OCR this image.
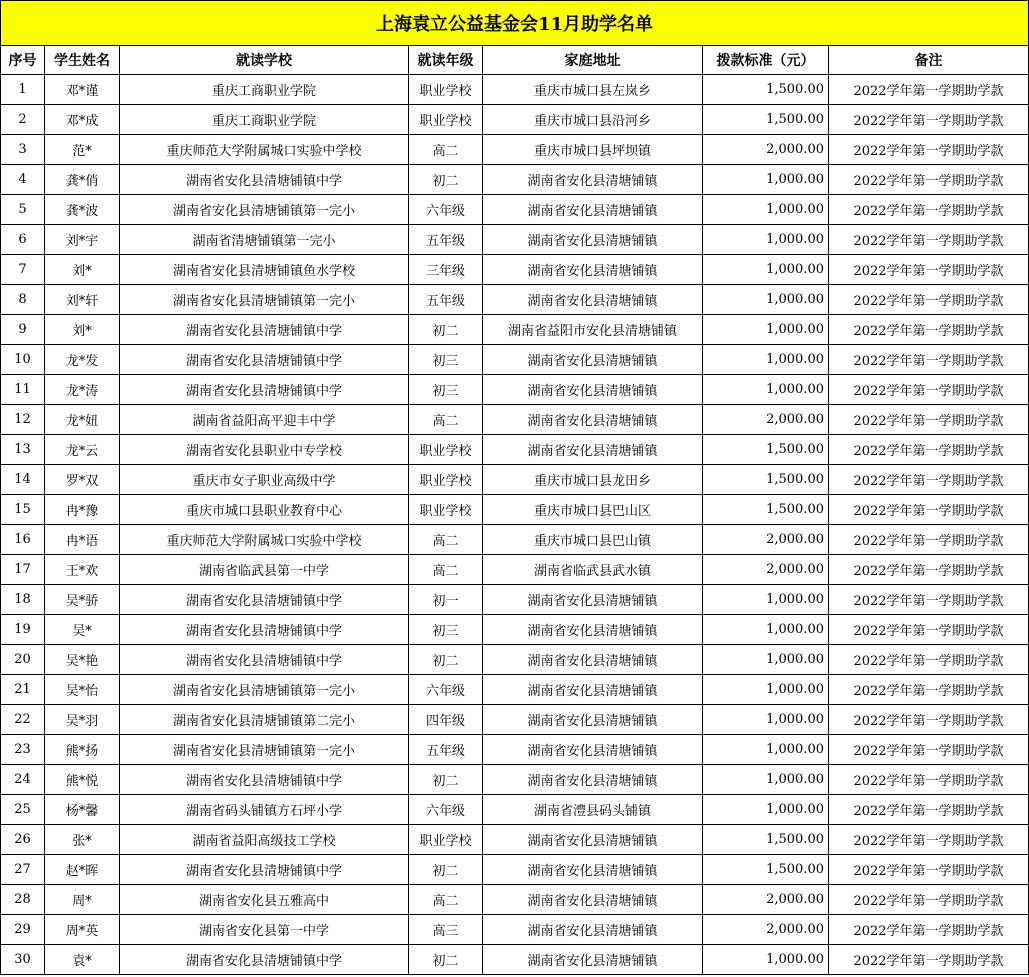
上海袁立公益基金会11月助学名单						
序号	学生姓名	就读学校	就读年级	家庭地址	拨款标准（元）	备注
1	邓*谨	重庆工商职业学院	职业学校	重庆市城口县左岚乡	1,500.00	2022学年第一学期助学款
2	邓*成	重庆工商职业学院	职业学校	重庆市城口县沿河乡	1,500.00	2022学年第一学期助学款
3	范*	重庆师范大学附属城口实验中学校	高二	重庆市城口县坪坝镇	2,000.00	2022学年第一学期助学款
4	龚*俏	湖南省安化县清塘铺镇中学	初二	湖南省安化县清塘铺镇	1,000.00	2022学年第一学期助学款
5	龚*波	湖南省安化县清塘铺镇第一完小	六年级	湖南省安化县清塘铺镇	1,000.00	2022学年第一学期助学款
6	刘*宇	湖南省清塘铺镇第一完小	五年级	湖南省安化县清塘铺镇	1,000.00	2022学年第一学期助学款
7	刘*	湖南省安化县清塘铺镇鱼水学校	三年级	湖南省安化县清塘铺镇	1,000.00	2022学年第一学期助学款
8	刘*轩	湖南省安化县清塘铺镇第一完小	五年级	湖南省安化县清塘铺镇	1,000.00	2022学年第一学期助学款
9	刘*	湖南省安化县清塘铺镇中学	初二	湖南省益阳市安化县清塘铺镇	1,000.00	2022学年第一学期助学款
10	龙*发	湖南省安化县清塘铺镇中学	初三	湖南省安化县清塘铺镇	1,000.00	2022学年第一学期助学款
11	龙*涛	湖南省安化县清塘铺镇中学	初三	湖南省安化县清塘铺镇	1,000.00	2022学年第一学期助学款
12	龙*妞	湖南省益阳高平迎丰中学	高二	湖南省安化县清塘铺镇	2,000.00	2022学年第一学期助学款
13	龙*云	湖南省安化县职业中专学校	职业学校	湖南省安化县清塘铺镇	1,500.00	2022学年第一学期助学款
14	罗*双	重庆市女子职业高级中学	职业学校	重庆市城口县龙田乡	1,500.00	2022学年第一学期助学款
15	冉*豫	重庆市城口县职业教育中心	职业学校	重庆市城口县巴山区	1,500.00	2022学年第一学期助学款
16	冉*语	重庆师范大学附属城口实验中学校	高二	重庆市城口县巴山镇	2,000.00	2022学年第一学期助学款
17	王*欢	湖南省临武县第一中学	高二	湖南省临武县武水镇	2,000.00	2022学年第一学期助学款
18	吴*骄	湖南省安化县清塘铺镇中学	初一	湖南省安化县清塘铺镇	1,000.00	2022学年第一学期助学款
19	吴*	湖南省安化县清塘铺镇中学	初三	湖南省安化县清塘铺镇	1,000.00	2022学年第一学期助学款
20	吴*艳	湖南省安化县清塘铺镇中学	初二	湖南省安化县清塘铺镇	1,000.00	2022学年第一学期助学款
21	吴*怡	湖南省安化县清塘铺镇第一完小	六年级	湖南省安化县清塘铺镇	1,000.00	2022学年第一学期助学款
22	吴*羽	湖南省安化县清塘铺镇第二完小	四年级	湖南省安化县清塘铺镇	1,000.00	2022学年第一学期助学款
23	熊*扬	湖南省安化县清塘铺镇第一完小	五年级	湖南省安化县清塘铺镇	1,000.00	2022学年第一学期助学款
24	熊*悦	湖南省安化县清塘铺镇中学	初二	湖南省安化县清塘铺镇	1,000.00	2022学年第一学期助学款
25	杨*馨	湖南省码头铺镇方石坪小学	六年级	湖南省澧县码头铺镇	1,000.00	2022学年第一学期助学款
26	张*	湖南省益阳高级技工学校	职业学校	湖南省安化县清塘铺镇	1,500.00	2022学年第一学期助学款
27	赵*晖	湖南省安化县清塘铺镇中学	初二	湖南省安化县清塘铺镇	1,500.00	2022学年第一学期助学款
28	周*	湖南省安化县五雅高中	高二	湖南省安化县清塘铺镇	2,000.00	2022学年第一学期助学款
29	周*英	湖南省安化县第一中学	高三	湖南省安化县清塘铺镇	2,000.00	2022学年第一学期助学款
30	袁*	湖南省安化县清塘铺镇中学	初二	湖南省安化县清塘铺镇	1,000.00	2022学年第一学期助学款
